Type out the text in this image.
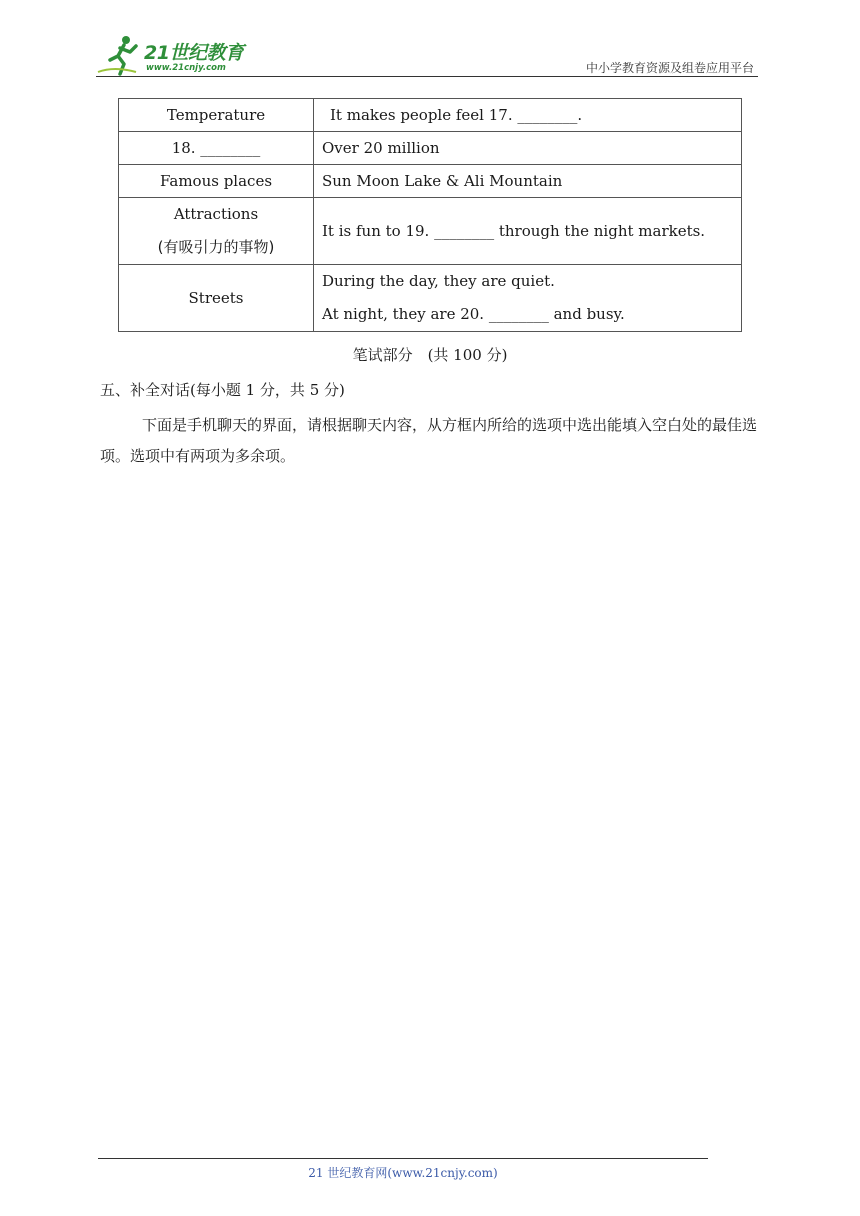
21世纪教育
www.21cnjy.com	中小学教育资源及组卷应用平台
Temperature	It makes people feel 17. ________.
18. ________	Over 20 million
Famous places	Sun Moon Lake & Ali Mountain

Attractions
(有吸引力的事物)	It is fun to 19. ________ through the night markets.
Streets	During the day, they are quiet.
At night, they are 20. ________ and busy.
笔试部分　(共 100 分)
五、补全对话(每小题 1 分，共 5 分)

下面是手机聊天的界面，请根据聊天内容，从方框内所给的选项中选出能填入空白处的最佳选项。选项中有两项为多余项。

21 世纪教育网(www.21cnjy.com)
